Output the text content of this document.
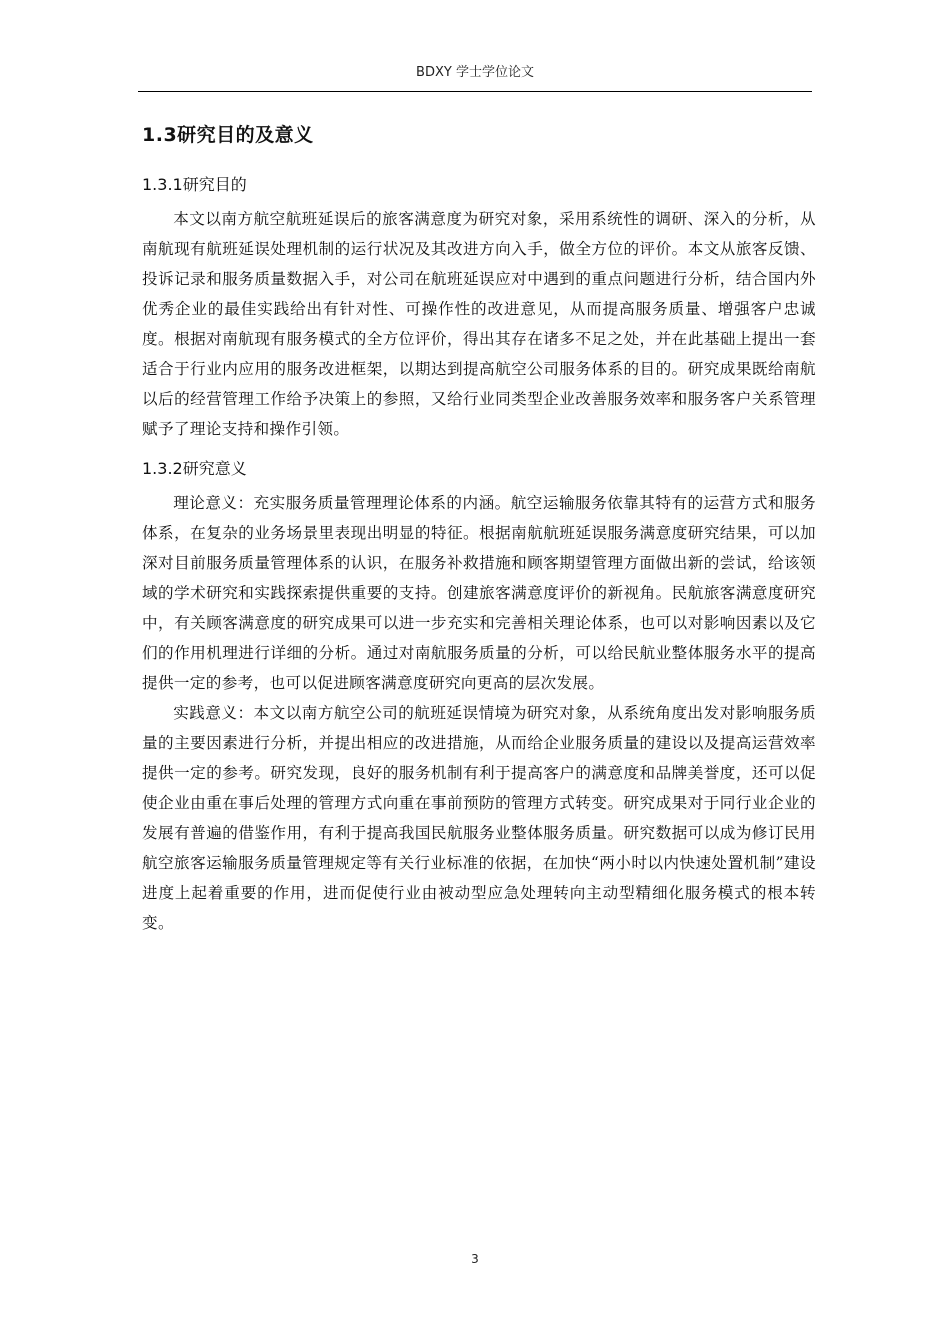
BDXY 学士学位论文
1.3研究目的及意义
1.3.1研究目的

本文以南方航空航班延误后的旅客满意度为研究对象，采用系统性的调研、深入的分析，从南航现有航班延误处理机制的运行状况及其改进方向入手，做全方位的评价。本文从旅客反馈、投诉记录和服务质量数据入手，对公司在航班延误应对中遇到的重点问题进行分析，结合国内外优秀企业的最佳实践给出有针对性、可操作性的改进意见，从而提高服务质量、增强客户忠诚度。根据对南航现有服务模式的全方位评价，得出其存在诸多不足之处，并在此基础上提出一套适合于行业内应用的服务改进框架，以期达到提高航空公司服务体系的目的。研究成果既给南航以后的经营管理工作给予决策上的参照，又给行业同类型企业改善服务效率和服务客户关系管理赋予了理论支持和操作引领。

1.3.2研究意义

理论意义：充实服务质量管理理论体系的内涵。航空运输服务依靠其特有的运营方式和服务体系，在复杂的业务场景里表现出明显的特征。根据南航航班延误服务满意度研究结果，可以加深对目前服务质量管理体系的认识，在服务补救措施和顾客期望管理方面做出新的尝试，给该领域的学术研究和实践探索提供重要的支持。创建旅客满意度评价的新视角。民航旅客满意度研究中，有关顾客满意度的研究成果可以进一步充实和完善相关理论体系，也可以对影响因素以及它们的作用机理进行详细的分析。通过对南航服务质量的分析，可以给民航业整体服务水平的提高提供一定的参考，也可以促进顾客满意度研究向更高的层次发展。

实践意义：本文以南方航空公司的航班延误情境为研究对象，从系统角度出发对影响服务质量的主要因素进行分析，并提出相应的改进措施，从而给企业服务质量的建设以及提高运营效率提供一定的参考。研究发现，良好的服务机制有利于提高客户的满意度和品牌美誉度，还可以促使企业由重在事后处理的管理方式向重在事前预防的管理方式转变。研究成果对于同行业企业的发展有普遍的借鉴作用，有利于提高我国民航服务业整体服务质量。研究数据可以成为修订民用航空旅客运输服务质量管理规定等有关行业标准的依据，在加快“两小时以内快速处置机制”建设进度上起着重要的作用，进而促使行业由被动型应急处理转向主动型精细化服务模式的根本转变。

3
